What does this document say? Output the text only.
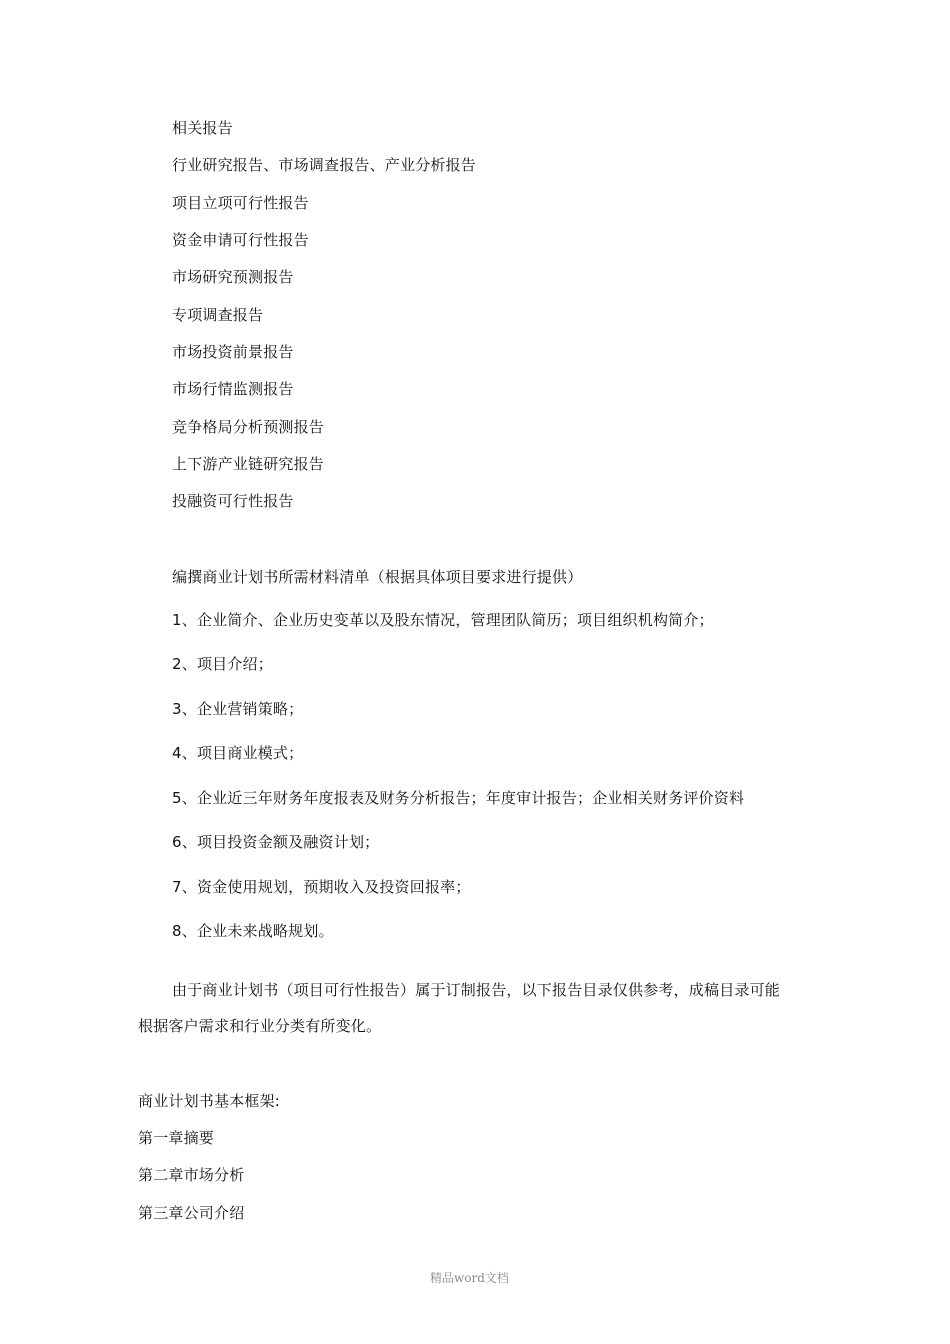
相关报告
行业研究报告、市场调查报告、产业分析报告
项目立项可行性报告
资金申请可行性报告
市场研究预测报告
专项调查报告
市场投资前景报告
市场行情监测报告
竞争格局分析预测报告
上下游产业链研究报告
投融资可行性报告
编撰商业计划书所需材料清单（根据具体项目要求进行提供）
1、企业简介、企业历史变革以及股东情况，管理团队简历；项目组织机构简介；
2、项目介绍；
3、企业营销策略；
4、项目商业模式；
5、企业近三年财务年度报表及财务分析报告；年度审计报告；企业相关财务评价资料
6、项目投资金额及融资计划；
7、资金使用规划，预期收入及投资回报率；
8、企业未来战略规划。
由于商业计划书（项目可行性报告）属于订制报告，以下报告目录仅供参考，成稿目录可能
根据客户需求和行业分类有所变化。
商业计划书基本框架:
第一章摘要
第二章市场分析
第三章公司介绍
精品word文档
